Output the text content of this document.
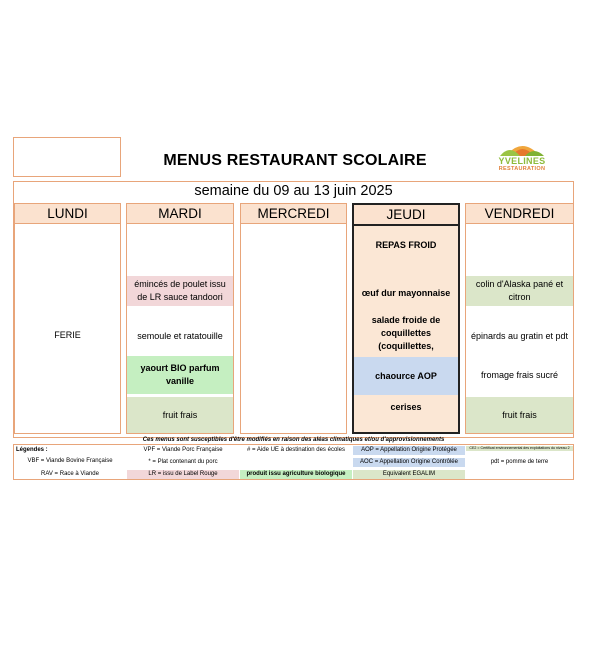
MENUS RESTAURANT SCOLAIRE	YVELINES
RESTAURATION
semaine du 09 au 13 juin 2025
LUNDI
FERIE
MARDI
émincés de poulet issu de LR sauce tandoori
semoule et ratatouille
yaourt BIO parfum vanille
fruit frais
MERCREDI	JEUDI
REPAS FROID
œuf dur mayonnaise
salade froide de coquillettes (coquillettes,
chaource AOP
cerises
VENDREDI
colin d'Alaska pané et citron
épinards au gratin et pdt
fromage frais sucré
fruit frais
Ces menus sont susceptibles d'être modifiés en raison des aléas climatiques et/ou d'approvisionnements
Légendes :
VBF = Viande Bovine Française
RAV = Race à Viande
VPF = Viande Porc Française
* = Plat contenant du porc
LR = issu de Label Rouge
# = Aide UE à destination des écoles
produit issu agriculture biologique
AOP = Appellation Origine Protégée
AOC = Appellation Origine Contrôlée
Equivalent EGALIM
CE2 = Certificat environnemental des exploitations du niveau 2
pdt = pomme de terre
